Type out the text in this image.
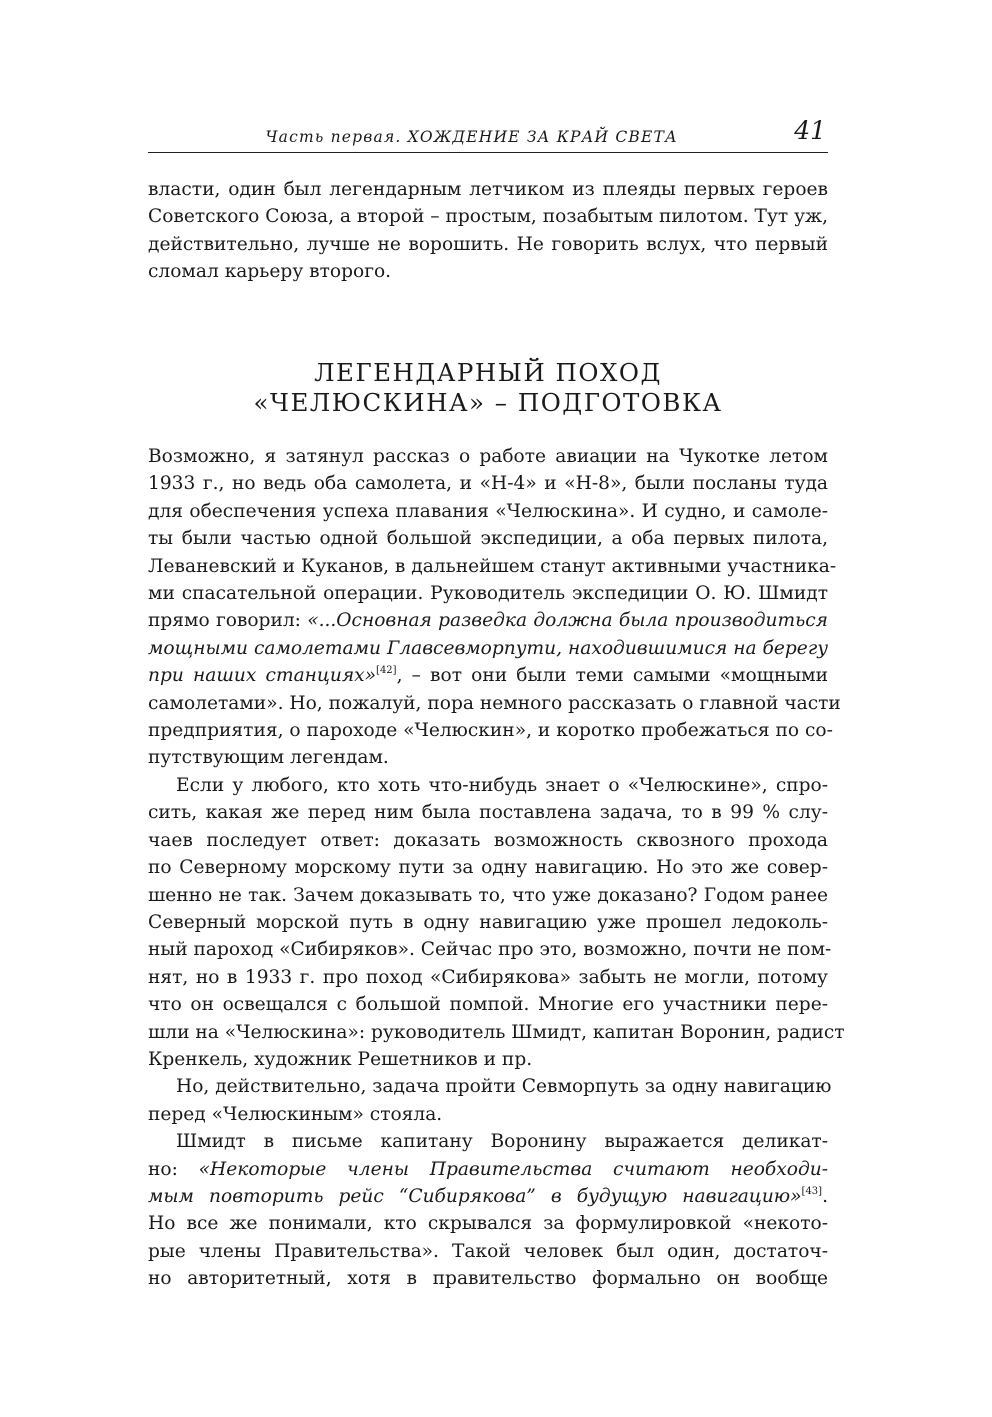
Часть первая. ХОЖДЕНИЕ ЗА КРАЙ СВЕТА	41
власти, один был легендарным летчиком из плеяды первых героев
Советского Союза, а второй – простым, позабытым пилотом. Тут уж,
действительно, лучше не ворошить. Не говорить вслух, что первый
сломал карьеру второго.
ЛЕГЕНДАРНЫЙ ПОХОД
«ЧЕЛЮСКИНА» – ПОДГОТОВКА
Возможно, я затянул рассказ о работе авиации на Чукотке летом
1933 г., но ведь оба самолета, и «Н-4» и «Н-8», были посланы туда
для обеспечения успеха плавания «Челюскина». И судно, и самоле-
ты были частью одной большой экспедиции, а оба первых пилота,
Леваневский и Куканов, в дальнейшем станут активными участника-
ми спасательной операции. Руководитель экспедиции О. Ю. Шмидт
прямо говорил: «...Основная разведка должна была производиться
мощными самолетами Главсевморпути, находившимися на берегу
при наших станциях»[42], – вот они были теми самыми «мощными
самолетами». Но, пожалуй, пора немного рассказать о главной части
предприятия, о пароходе «Челюскин», и коротко пробежаться по со-
путствующим легендам.
Если у любого, кто хоть что-нибудь знает о «Челюскине», спро-
сить, какая же перед ним была поставлена задача, то в 99 % слу-
чаев последует ответ: доказать возможность сквозного прохода
по Северному морскому пути за одну навигацию. Но это же совер-
шенно не так. Зачем доказывать то, что уже доказано? Годом ранее
Северный морской путь в одну навигацию уже прошел ледоколь-
ный пароход «Сибиряков». Сейчас про это, возможно, почти не пом-
нят, но в 1933 г. про поход «Сибирякова» забыть не могли, потому
что он освещался с большой помпой. Многие его участники пере-
шли на «Челюскина»: руководитель Шмидт, капитан Воронин, радист
Кренкель, художник Решетников и пр.
Но, действительно, задача пройти Севморпуть за одну навигацию
перед «Челюскиным» стояла.
Шмидт в письме капитану Воронину выражается деликат-
но: «Некоторые члены Правительства считают необходи-
мым повторить рейс “Сибирякова” в будущую навигацию»[43].
Но все же понимали, кто скрывался за формулировкой «некото-
рые члены Правительства». Такой человек был один, достаточ-
но авторитетный, хотя в правительство формально он вообще
